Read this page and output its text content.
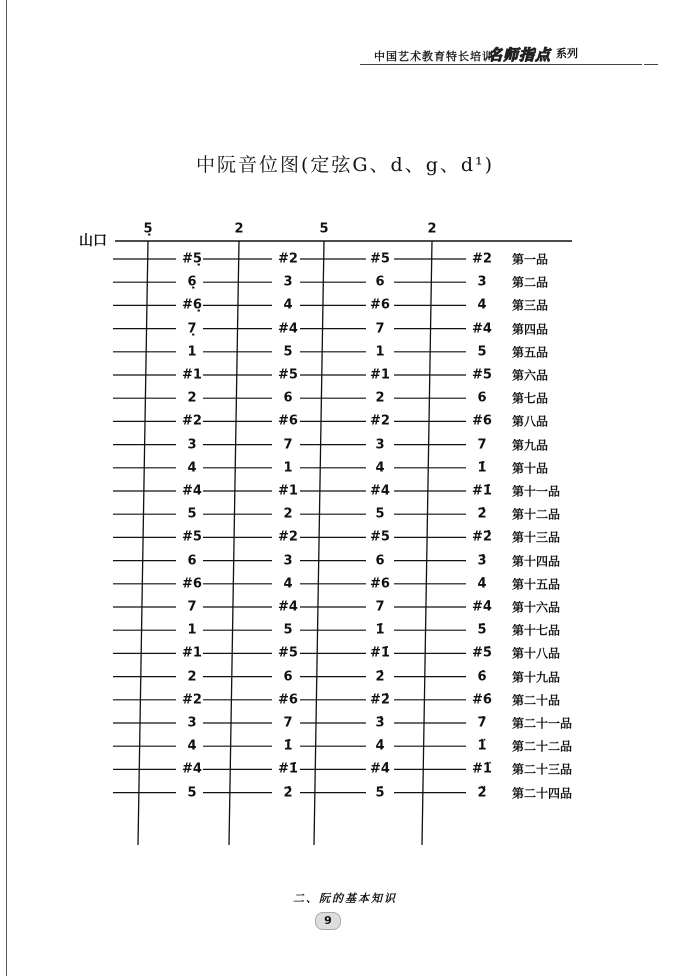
中国艺术教育特长培训
名师指点 系列
中阮音位图(定弦G、d、g、d¹)
山口
5̣	2	5	2
#5̣	#2	#5	#2 第一品
6̣	3	6	3 第二品
#6̣	4	#6	4 第三品
7̣	#4	7	#4 第四品
1	5	1	5 第五品
#1	#5	#1	#5 第六品
2	6	2	6 第七品
#2	#6	#2	#6 第八品
3	7	3	7 第九品
4	1	4	1̇ 第十品
#4	#1	#4	#1̇ 第十一品
5	2	5	2̇ 第十二品
#5	#2	#5	#2̇ 第十三品
6	3	6	3̇ 第十四品
#6	4	#6	4̇ 第十五品
7	#4	7	#4̇ 第十六品
1	5	1̇	5̇ 第十七品
#1	#5	#1̇	#5̇ 第十八品
2	6	2̇	6̇ 第十九品
#2	#6	#2̇	#6̇ 第二十品
3	7	3̇	7̇ 第二十一品
4	1̇	4̇	1̈ 第二十二品
#4	#1̇	#4̇	#1̈ 第二十三品
5	2̇	5̇	2̈ 第二十四品
二、阮的基本知识
9
